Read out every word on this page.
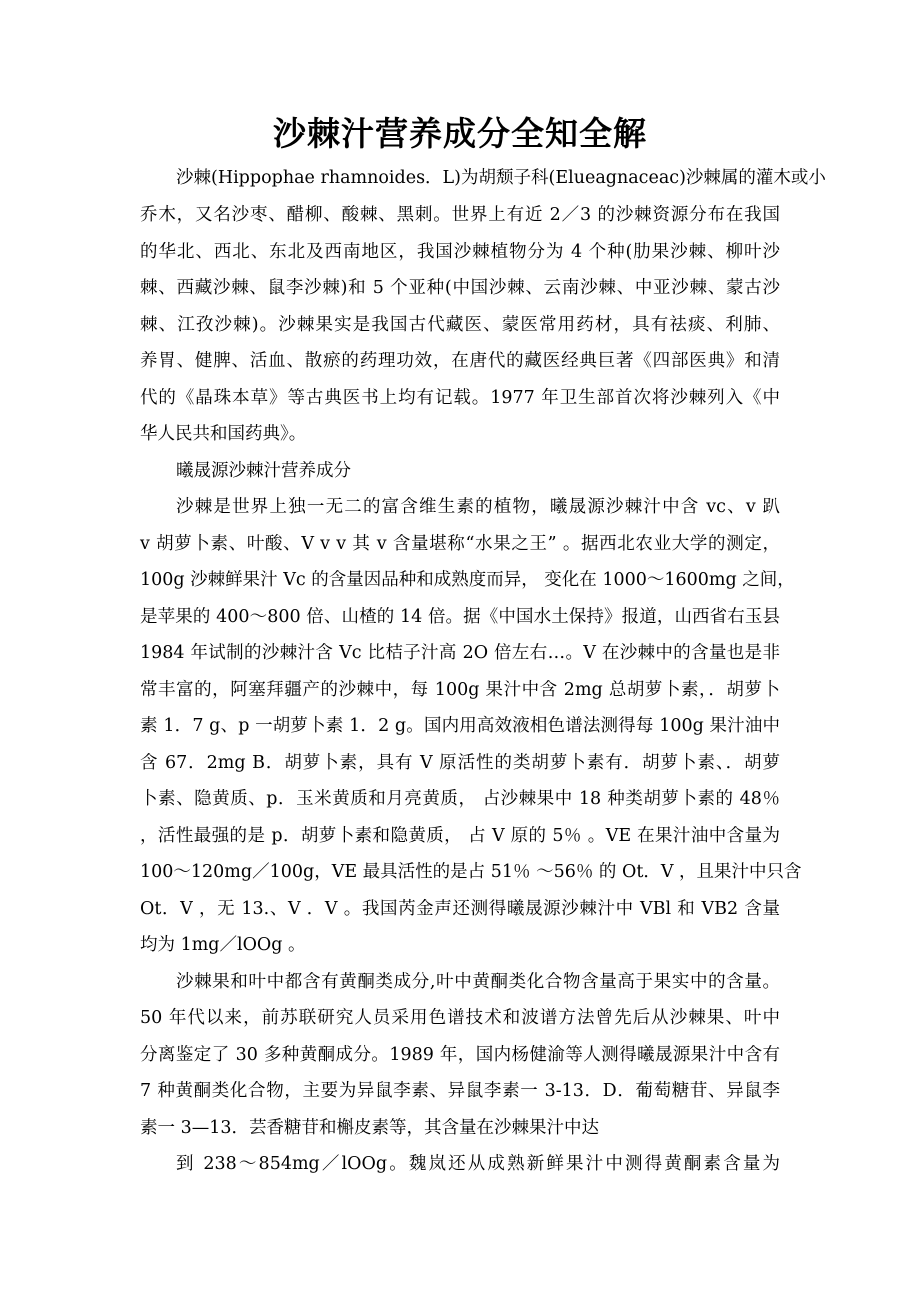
沙棘汁营养成分全知全解
沙棘(Hippophae rhamnoides．L)为胡颓子科(Elueagnaceac)沙棘属的灌木或小
乔木，又名沙枣、醋柳、酸棘、黑刺。世界上有近 2／3 的沙棘资源分布在我国
的华北、西北、东北及西南地区，我国沙棘植物分为 4 个种(肋果沙棘、柳叶沙
棘、西藏沙棘、鼠李沙棘)和 5 个亚种(中国沙棘、云南沙棘、中亚沙棘、蒙古沙
棘、江孜沙棘)。沙棘果实是我国古代藏医、蒙医常用药材，具有祛痰、利肺、
养胃、健脾、活血、散瘀的药理功效，在唐代的藏医经典巨著《四部医典》和清
代的《晶珠本草》等古典医书上均有记载。1977 年卫生部首次将沙棘列入《中
华人民共和国药典》。
曦晟源沙棘汁营养成分
沙棘是世界上独一无二的富含维生素的植物，曦晟源沙棘汁中含 vc、v 趴
v 胡萝卜素、叶酸、V v v 其 v 含量堪称“水果之王” 。据西北农业大学的测定，
100g 沙棘鲜果汁 Vc 的含量因品种和成熟度而异， 变化在 1000～1600mg 之间，
是苹果的 400～800 倍、山楂的 14 倍。据《中国水土保持》报道，山西省右玉县
1984 年试制的沙棘汁含 Vc 比桔子汁高 2O 倍左右…。V 在沙棘中的含量也是非
常丰富的，阿塞拜疆产的沙棘中，每 100g 果汁中含 2mg 总胡萝卜素，．胡萝卜
素 1．7 g、p 一胡萝卜素 1．2 g。国内用高效液相色谱法测得每 100g 果汁油中
含 67．2mg B．胡萝卜素，具有 V 原活性的类胡萝卜素有．胡萝卜素、．胡萝
卜素、隐黄质、p．玉米黄质和月亮黄质， 占沙棘果中 18 种类胡萝卜素的 48％
，活性最强的是 p．胡萝卜素和隐黄质， 占 V 原的 5％ 。VE 在果汁油中含量为
100～120mg／100g，VE 最具活性的是占 51％ ～56％ 的 Ot．V ，且果汁中只含
Ot．V ，无 13.、V ．V 。我国芮金声还测得曦晟源沙棘汁中 VBl 和 VB2 含量
均为 1mg／lOOg 。
沙棘果和叶中都含有黄酮类成分,叶中黄酮类化合物含量高于果实中的含量。
50 年代以来，前苏联研究人员采用色谱技术和波谱方法曾先后从沙棘果、叶中
分离鉴定了 30 多种黄酮成分。1989 年，国内杨健渝等人测得曦晟源果汁中含有
7 种黄酮类化合物，主要为异鼠李素、异鼠李素一 3-13．D．葡萄糖苷、异鼠李
素一 3—13．芸香糖苷和槲皮素等，其含量在沙棘果汁中达
到 238～854mg／lOOg。魏岚还从成熟新鲜果汁中测得黄酮素含量为
